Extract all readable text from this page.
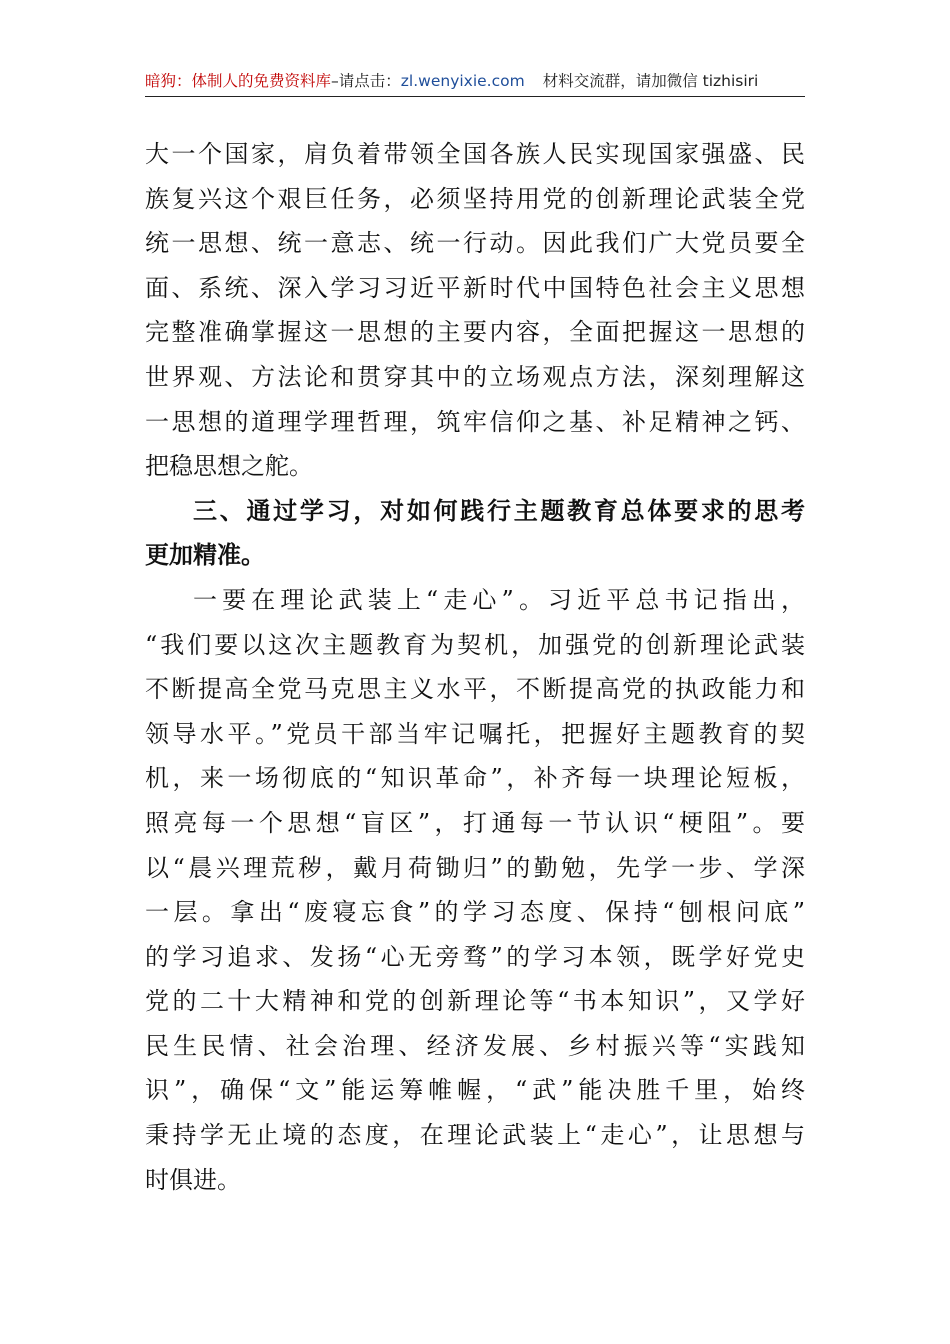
暗狗：体制人的免费资料库–请点击：zl.wenyixie.com 材料交流群，请加微信 tizhisiri
大一个国家，肩负着带领全国各族人民实现国家强盛、民
族复兴这个艰巨任务，必须坚持用党的创新理论武装全党
统一思想、统一意志、统一行动。因此我们广大党员要全
面、系统、深入学习习近平新时代中国特色社会主义思想
完整准确掌握这一思想的主要内容，全面把握这一思想的
世界观、方法论和贯穿其中的立场观点方法，深刻理解这
一思想的道理学理哲理，筑牢信仰之基、补足精神之钙、
把稳思想之舵。
三、通过学习，对如何践行主题教育总体要求的思考
更加精准。
一要在理论武装上“走心”。习近平总书记指出，
“我们要以这次主题教育为契机，加强党的创新理论武装
不断提高全党马克思主义水平，不断提高党的执政能力和
领导水平。”党员干部当牢记嘱托，把握好主题教育的契
机，来一场彻底的“知识革命”，补齐每一块理论短板，
照亮每一个思想“盲区”，打通每一节认识“梗阻”。要
以“晨兴理荒秽，戴月荷锄归”的勤勉，先学一步、学深
一层。拿出“废寝忘食”的学习态度、保持“刨根问底”
的学习追求、发扬“心无旁骛”的学习本领，既学好党史
党的二十大精神和党的创新理论等“书本知识”，又学好
民生民情、社会治理、经济发展、乡村振兴等“实践知
识”，确保“文”能运筹帷幄，“武”能决胜千里，始终
秉持学无止境的态度，在理论武装上“走心”，让思想与
时俱进。
